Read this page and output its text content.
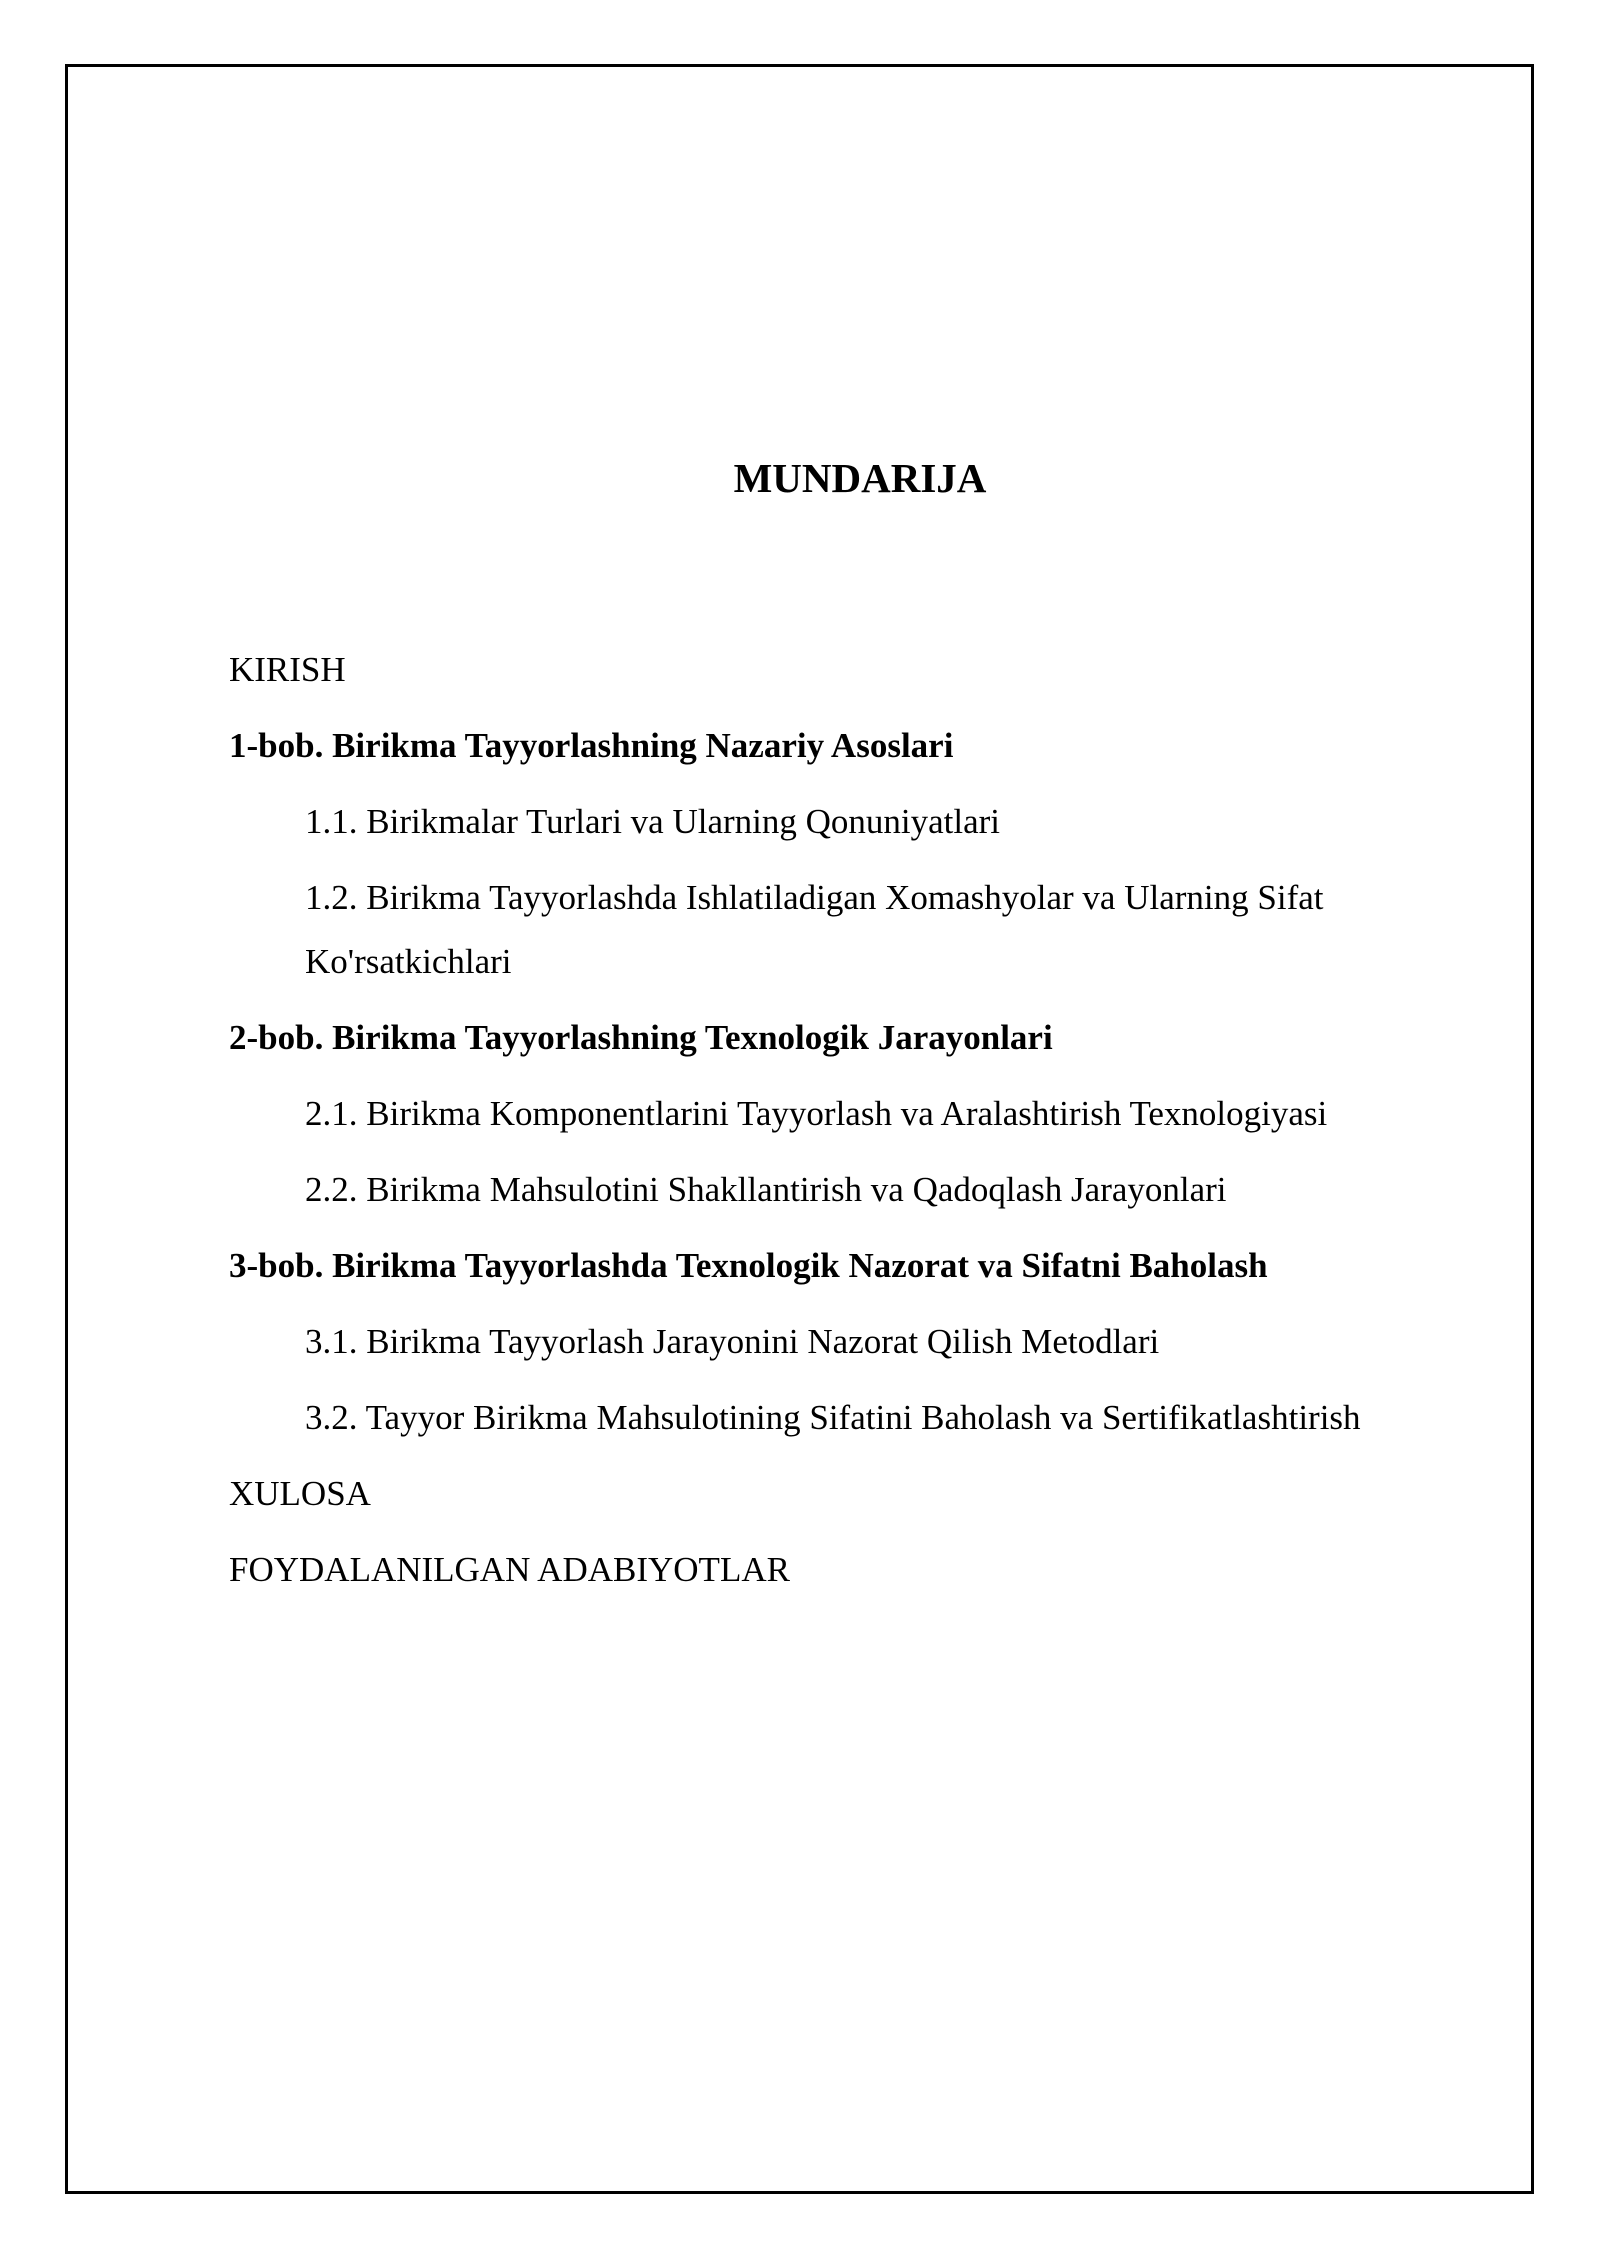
MUNDARIJA
KIRISH
1-bob. Birikma Tayyorlashning Nazariy Asoslari
1.1. Birikmalar Turlari va Ularning Qonuniyatlari
1.2. Birikma Tayyorlashda Ishlatiladigan Xomashyolar va Ularning Sifat Ko'rsatkichlari
2-bob. Birikma Tayyorlashning Texnologik Jarayonlari
2.1. Birikma Komponentlarini Tayyorlash va Aralashtirish Texnologiyasi
2.2. Birikma Mahsulotini Shakllantirish va Qadoqlash Jarayonlari
3-bob. Birikma Tayyorlashda Texnologik Nazorat va Sifatni Baholash
3.1. Birikma Tayyorlash Jarayonini Nazorat Qilish Metodlari
3.2. Tayyor Birikma Mahsulotining Sifatini Baholash va Sertifikatlashtirish
XULOSA
FOYDALANILGAN ADABIYOTLAR
